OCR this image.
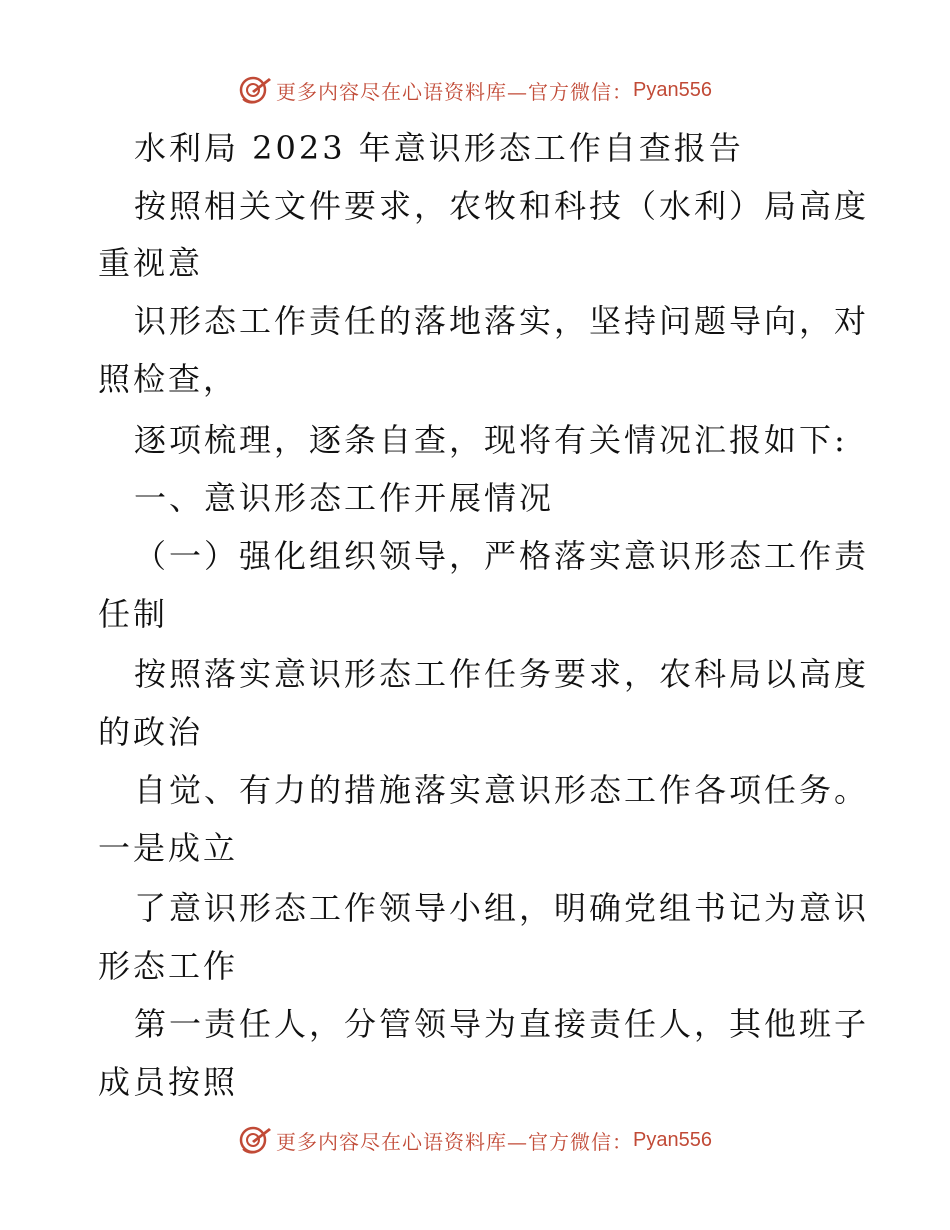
更多内容尽在心语资料库—官方微信： Pyan556
水利局 2023 年意识形态工作自查报告
按照相关文件要求，农牧和科技（水利）局高度
重视意
识形态工作责任的落地落实，坚持问题导向，对
照检查，
逐项梳理，逐条自查，现将有关情况汇报如下:
一、意识形态工作开展情况
（一）强化组织领导，严格落实意识形态工作责
任制
按照落实意识形态工作任务要求，农科局以高度
的政治
自觉、有力的措施落实意识形态工作各项任务。
一是成立
了意识形态工作领导小组，明确党组书记为意识
形态工作
第一责任人，分管领导为直接责任人，其他班子
成员按照
更多内容尽在心语资料库—官方微信： Pyan556
